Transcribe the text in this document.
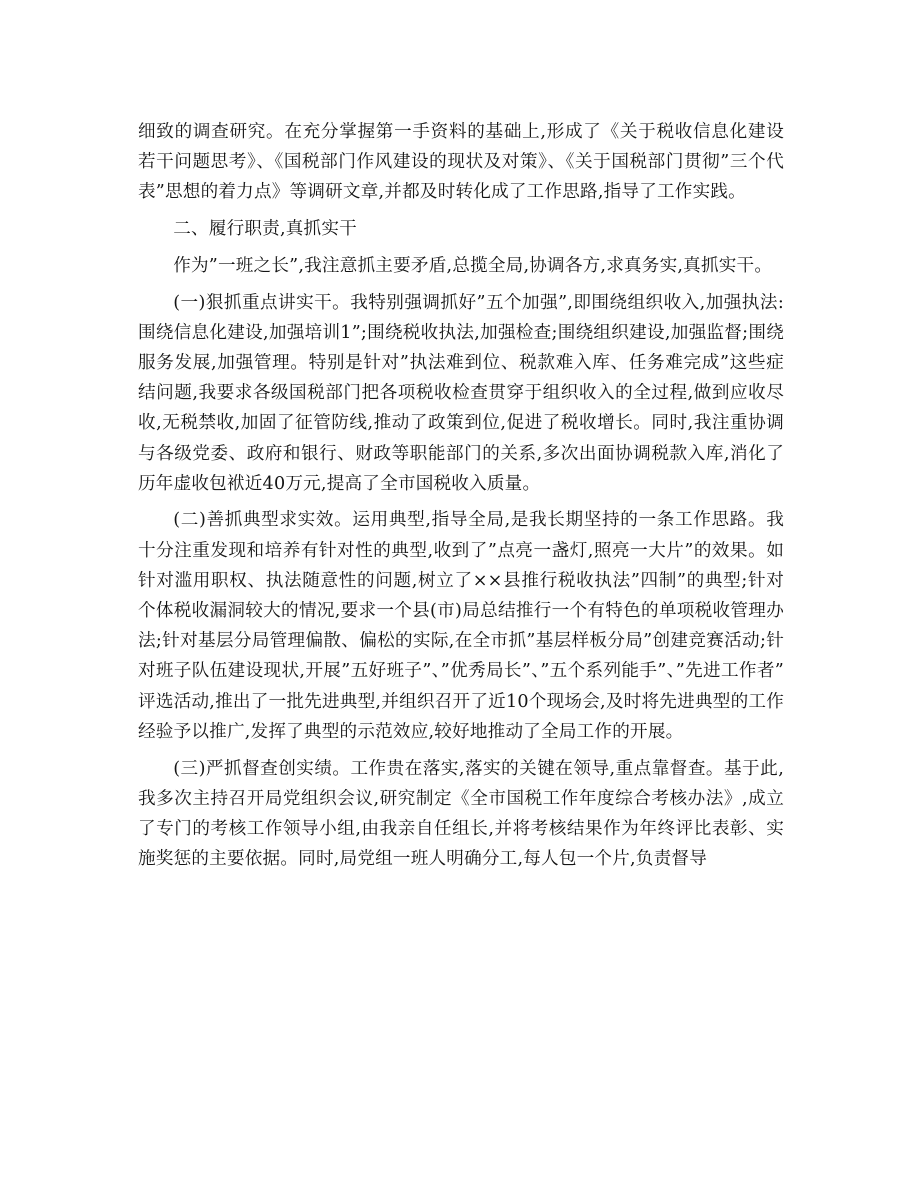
细致的调查研究。在充分掌握第一手资料的基础上,形成了《关于税收信息化建设若干问题思考》、《国税部门作风建设的现状及对策》、《关于国税部门贯彻”三个代表”思想的着力点》等调研文章,并都及时转化成了工作思路,指导了工作实践。

二、履行职责,真抓实干

作为”一班之长”,我注意抓主要矛盾,总揽全局,协调各方,求真务实,真抓实干。

(一)狠抓重点讲实干。我特别强调抓好”五个加强”,即围绕组织收入,加强执法:围绕信息化建设,加强培训1”;围绕税收执法,加强检查;围绕组织建设,加强监督;围绕服务发展,加强管理。特别是针对”执法难到位、税款难入库、任务难完成”这些症结问题,我要求各级国税部门把各项税收检查贯穿于组织收入的全过程,做到应收尽收,无税禁收,加固了征管防线,推动了政策到位,促进了税收增长。同时,我注重协调与各级党委、政府和银行、财政等职能部门的关系,多次出面协调税款入库,消化了历年虚收包袱近40万元,提高了全市国税收入质量。

(二)善抓典型求实效。运用典型,指导全局,是我长期坚持的一条工作思路。我十分注重发现和培养有针对性的典型,收到了”点亮一盏灯,照亮一大片”的效果。如针对滥用职权、执法随意性的问题,树立了××县推行税收执法”四制”的典型;针对个体税收漏洞较大的情况,要求一个县(市)局总结推行一个有特色的单项税收管理办法;针对基层分局管理偏散、偏松的实际,在全市抓”基层样板分局”创建竞赛活动;针对班子队伍建设现状,开展”五好班子”、”优秀局长”、”五个系列能手”、”先进工作者”评选活动,推出了一批先进典型,并组织召开了近10个现场会,及时将先进典型的工作经验予以推广,发挥了典型的示范效应,较好地推动了全局工作的开展。

(三)严抓督查创实绩。工作贵在落实,落实的关键在领导,重点靠督查。基于此,我多次主持召开局党组织会议,研究制定《全市国税工作年度综合考核办法》,成立了专门的考核工作领导小组,由我亲自任组长,并将考核结果作为年终评比表彰、实施奖惩的主要依据。同时,局党组一班人明确分工,每人包一个片,负责督导
